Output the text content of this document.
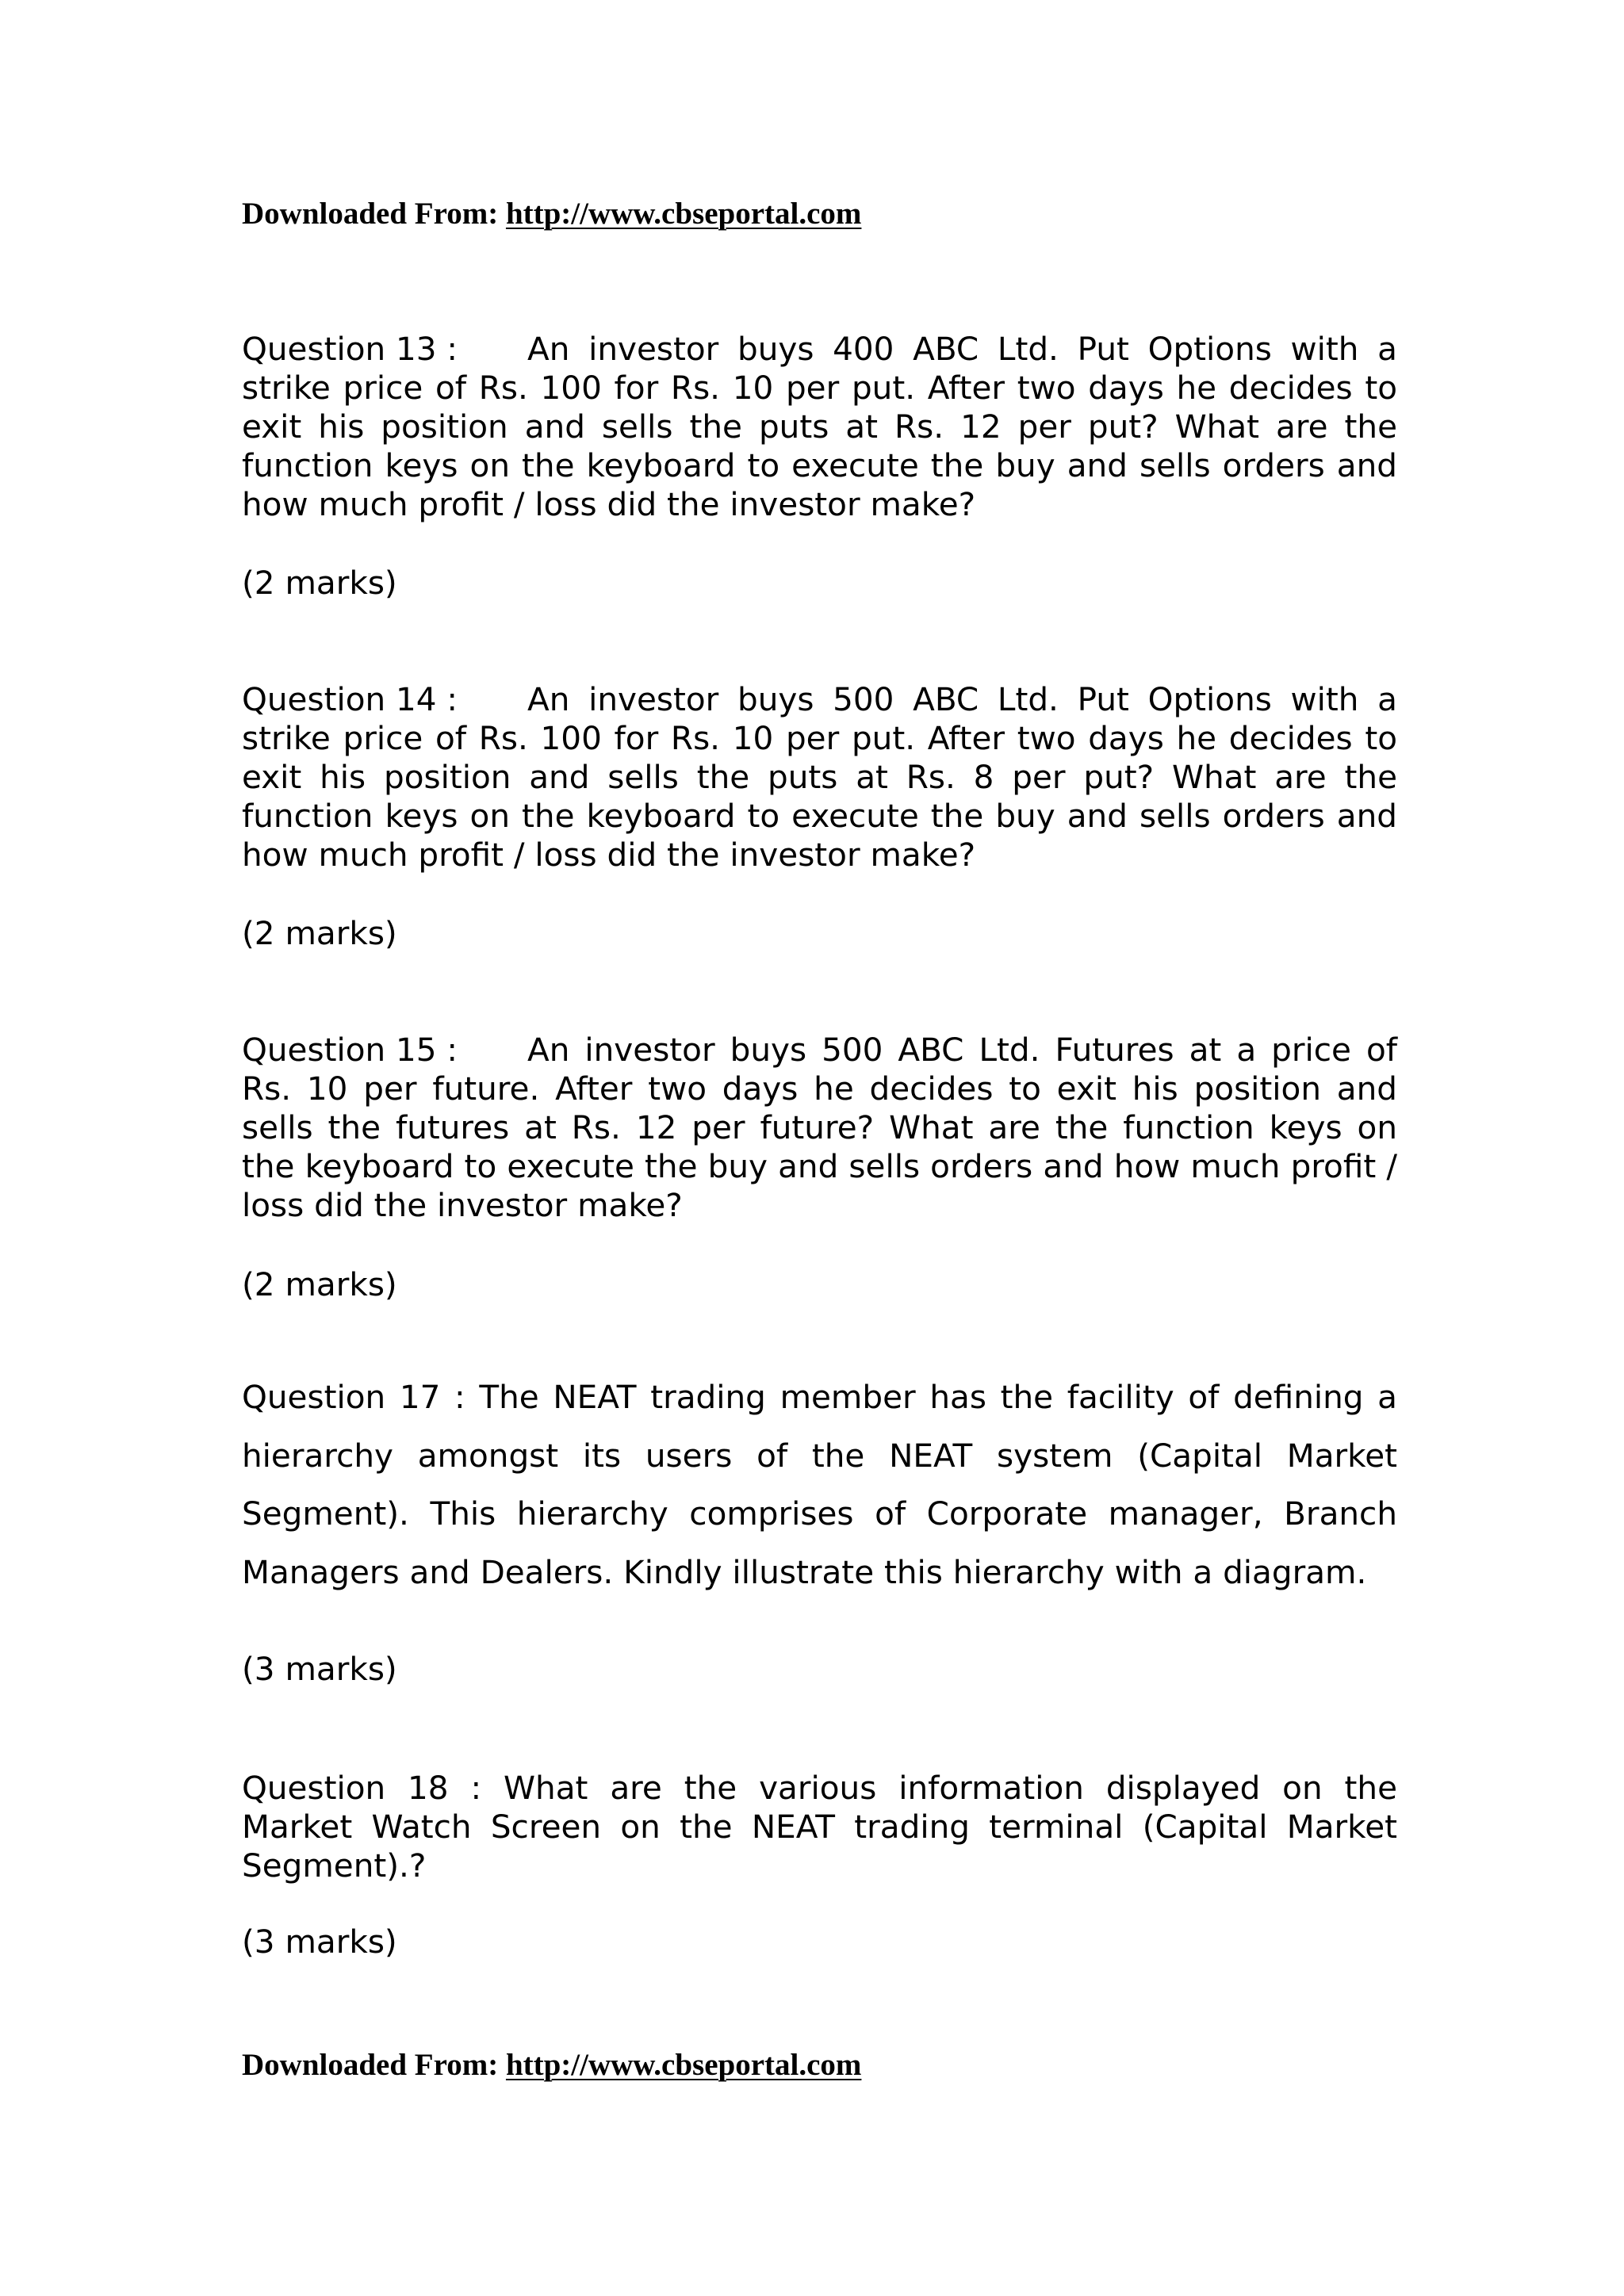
Downloaded From: http://www.cbseportal.com
Question 13 : An investor buys 400 ABC Ltd. Put Options with a strike price of Rs. 100 for Rs. 10 per put. After two days he decides to exit his position and sells the puts at Rs. 12 per put? What are the function keys on the keyboard to execute the buy and sells orders and how much profit / loss did the investor make?
(2 marks)
Question 14 : An investor buys 500 ABC Ltd. Put Options with a strike price of Rs. 100 for Rs. 10 per put. After two days he decides to exit his position and sells the puts at Rs. 8 per put? What are the function keys on the keyboard to execute the buy and sells orders and how much profit / loss did the investor make?
(2 marks)
Question 15 : An investor buys 500 ABC Ltd. Futures at a price of Rs. 10 per future. After two days he decides to exit his position and sells the futures at Rs. 12 per future? What are the function keys on the keyboard to execute the buy and sells orders and how much profit / loss did the investor make?
(2 marks)
Question 17 : The NEAT trading member has the facility of defining a hierarchy amongst its users of the NEAT system (Capital Market Segment). This hierarchy comprises of Corporate manager, Branch Managers and Dealers. Kindly illustrate this hierarchy with a diagram.
(3 marks)
Question 18 : What are the various information displayed on the Market Watch Screen on the NEAT trading terminal (Capital Market Segment).?
(3 marks)
Downloaded From: http://www.cbseportal.com
